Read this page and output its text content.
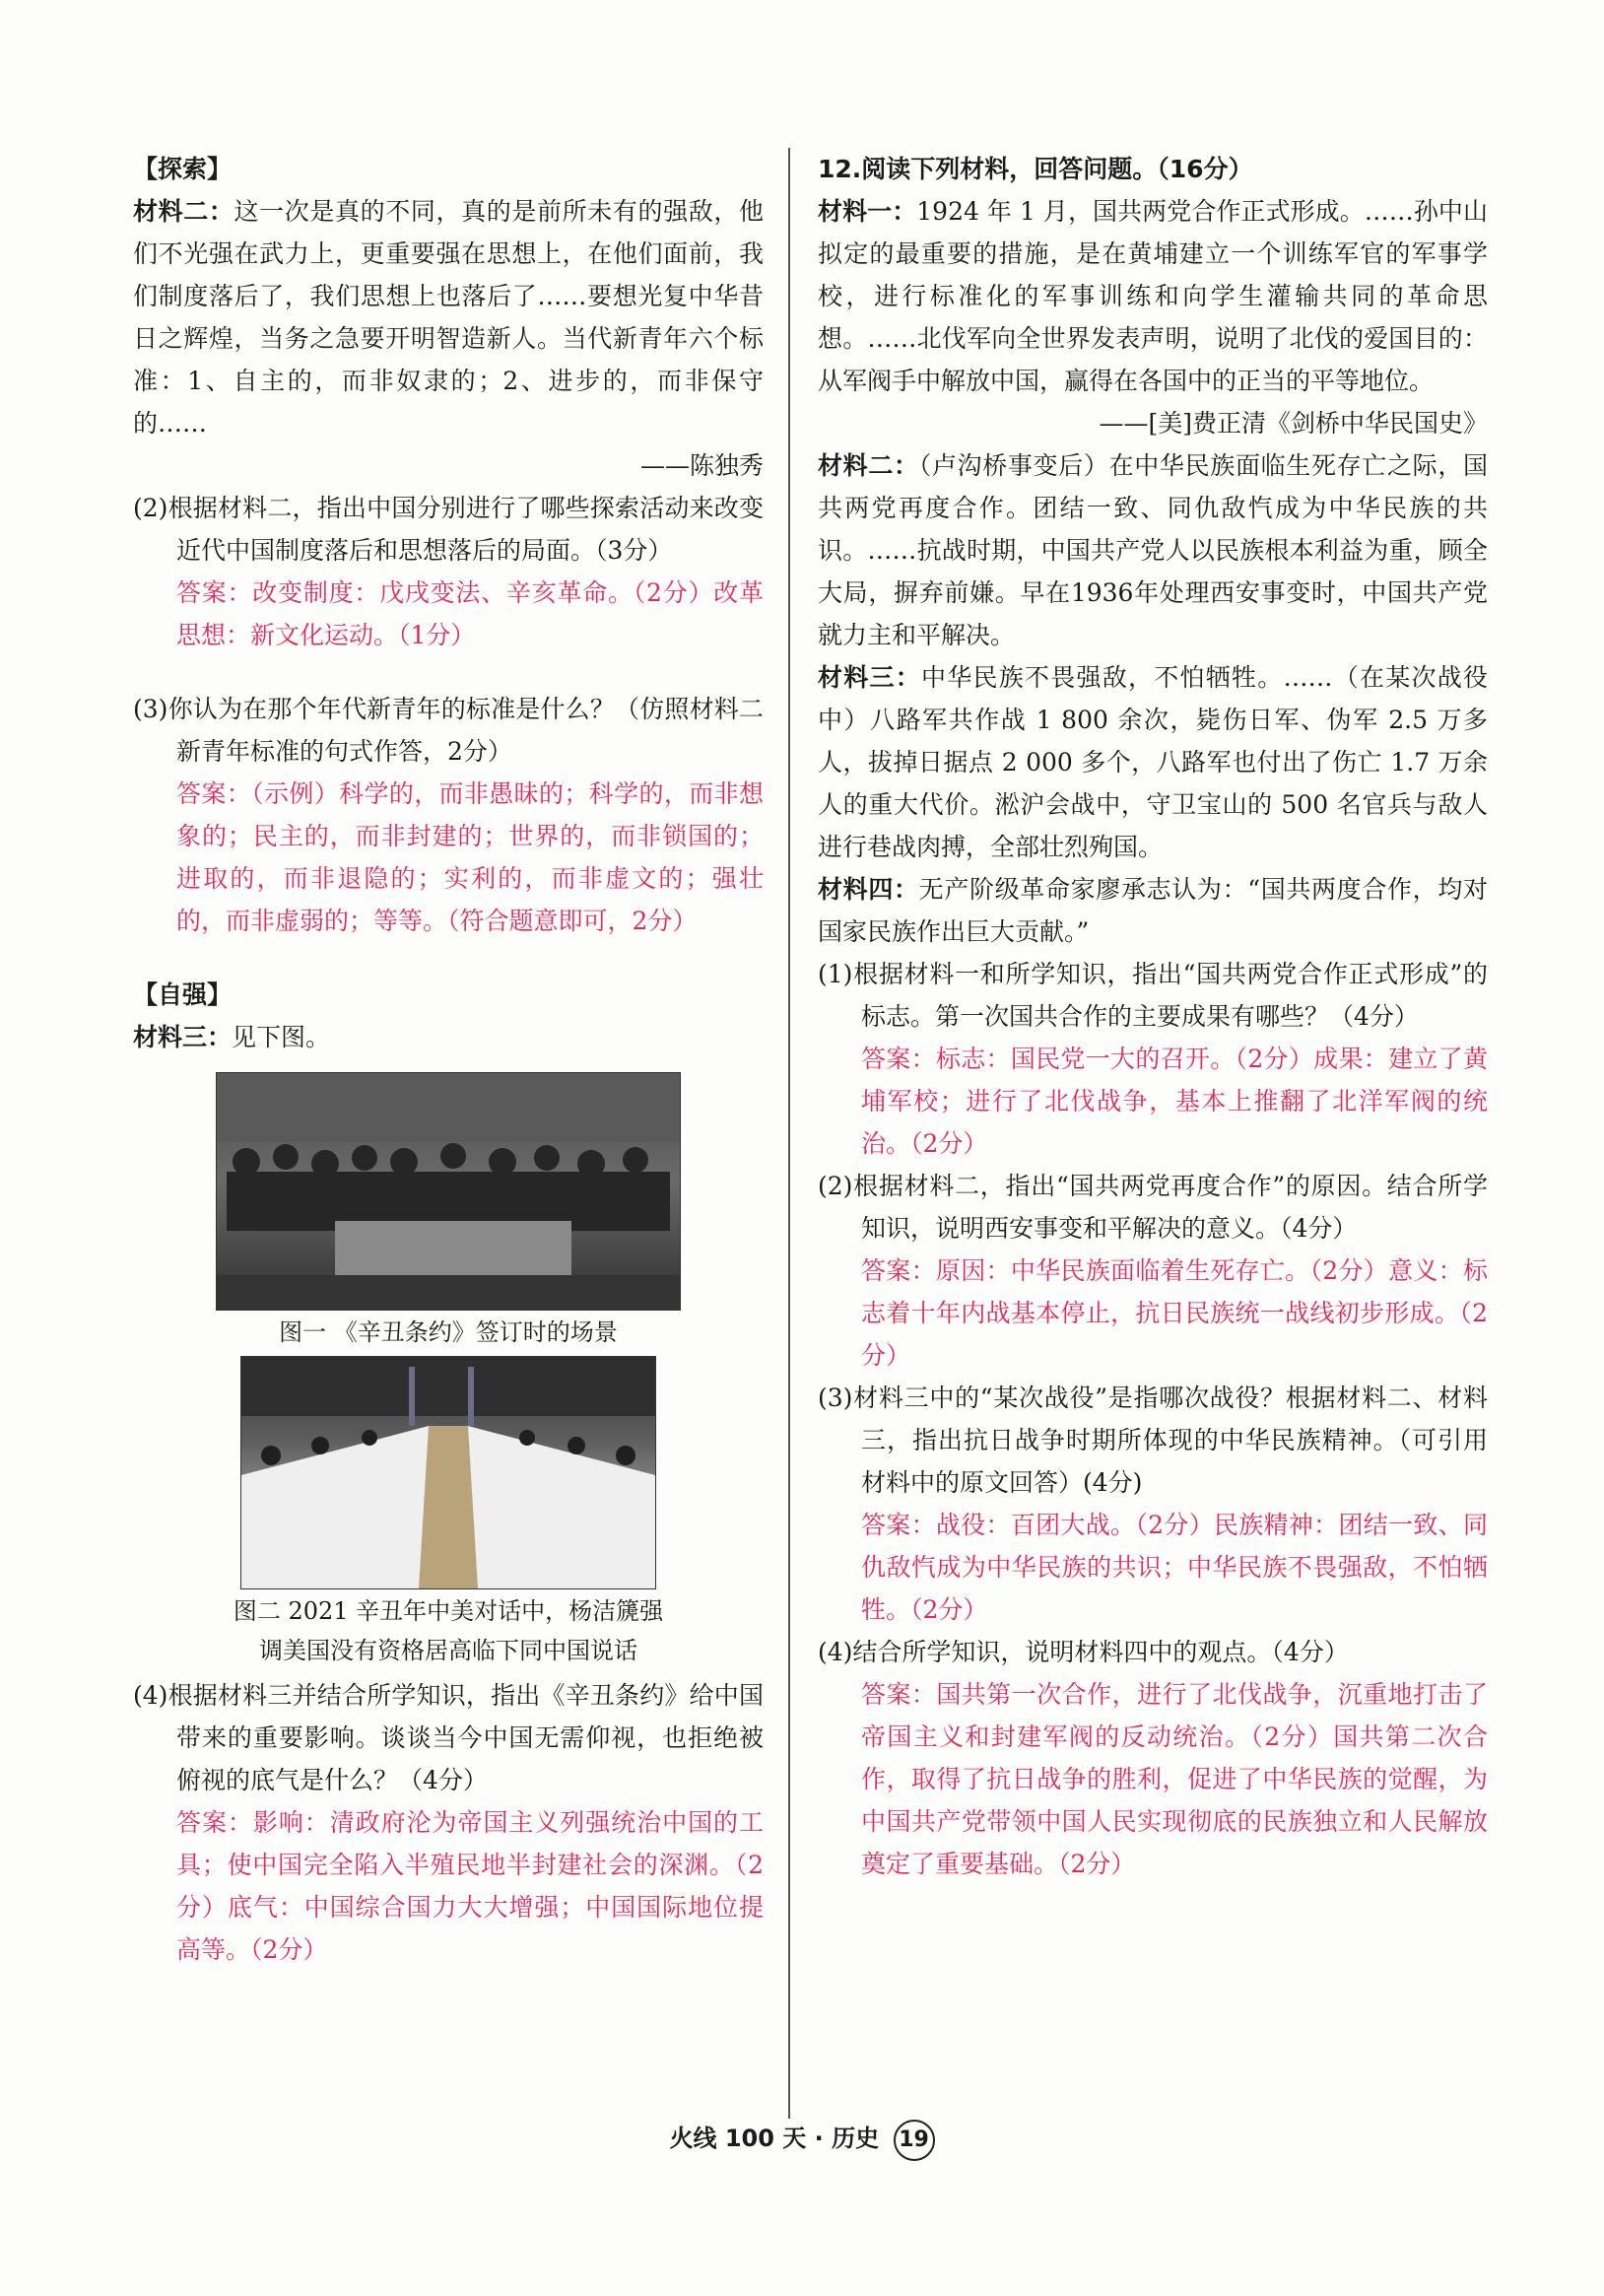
【探索】

材料二：这一次是真的不同，真的是前所未有的强敌，他们不光强在武力上，更重要强在思想上，在他们面前，我们制度落后了，我们思想上也落后了……要想光复中华昔日之辉煌，当务之急要开明智造新人。当代新青年六个标准：1、自主的，而非奴隶的；2、进步的，而非保守的……

——陈独秀

(2)根据材料二，指出中国分别进行了哪些探索活动来改变近代中国制度落后和思想落后的局面。（3分）

答案：改变制度：戊戌变法、辛亥革命。（2分）改革思想：新文化运动。（1分）

(3)你认为在那个年代新青年的标准是什么？（仿照材料二新青年标准的句式作答，2分）

答案：（示例）科学的，而非愚昧的；科学的，而非想象的；民主的，而非封建的；世界的，而非锁国的；进取的，而非退隐的；实利的，而非虚文的；强壮的，而非虚弱的；等等。（符合题意即可，2分）

【自强】

材料三：见下图。

图一 《辛丑条约》签订时的场景
图二 2021 辛丑年中美对话中，杨洁篪强
调美国没有资格居高临下同中国说话

(4)根据材料三并结合所学知识，指出《辛丑条约》给中国带来的重要影响。谈谈当今中国无需仰视，也拒绝被俯视的底气是什么？（4分）

答案：影响：清政府沦为帝国主义列强统治中国的工具；使中国完全陷入半殖民地半封建社会的深渊。（2分）底气：中国综合国力大大增强；中国国际地位提高等。（2分）

12.阅读下列材料，回答问题。（16分）

材料一：1924 年 1 月，国共两党合作正式形成。……孙中山拟定的最重要的措施，是在黄埔建立一个训练军官的军事学校，进行标准化的军事训练和向学生灌输共同的革命思想。……北伐军向全世界发表声明，说明了北伐的爱国目的：从军阀手中解放中国，赢得在各国中的正当的平等地位。

——[美]费正清《剑桥中华民国史》

材料二：（卢沟桥事变后）在中华民族面临生死存亡之际，国共两党再度合作。团结一致、同仇敌忾成为中华民族的共识。……抗战时期，中国共产党人以民族根本利益为重，顾全大局，摒弃前嫌。早在1936年处理西安事变时，中国共产党就力主和平解决。

材料三：中华民族不畏强敌，不怕牺牲。……（在某次战役中）八路军共作战 1 800 余次，毙伤日军、伪军 2.5 万多人，拔掉日据点 2 000 多个，八路军也付出了伤亡 1.7 万余人的重大代价。淞沪会战中，守卫宝山的 500 名官兵与敌人进行巷战肉搏，全部壮烈殉国。

材料四：无产阶级革命家廖承志认为：“国共两度合作，均对国家民族作出巨大贡献。”

(1)根据材料一和所学知识，指出“国共两党合作正式形成”的标志。第一次国共合作的主要成果有哪些？（4分）

答案：标志：国民党一大的召开。（2分）成果：建立了黄埔军校；进行了北伐战争，基本上推翻了北洋军阀的统治。（2分）

(2)根据材料二，指出“国共两党再度合作”的原因。结合所学知识，说明西安事变和平解决的意义。（4分）

答案：原因：中华民族面临着生死存亡。（2分）意义：标志着十年内战基本停止，抗日民族统一战线初步形成。（2分）

(3)材料三中的“某次战役”是指哪次战役？根据材料二、材料三，指出抗日战争时期所体现的中华民族精神。（可引用材料中的原文回答）(4分)

答案：战役：百团大战。（2分）民族精神：团结一致、同仇敌忾成为中华民族的共识；中华民族不畏强敌，不怕牺牲。（2分）

(4)结合所学知识，说明材料四中的观点。（4分）

答案：国共第一次合作，进行了北伐战争，沉重地打击了帝国主义和封建军阀的反动统治。（2分）国共第二次合作，取得了抗日战争的胜利，促进了中华民族的觉醒，为中国共产党带领中国人民实现彻底的民族独立和人民解放奠定了重要基础。（2分）

火线 100 天 · 历史 19
